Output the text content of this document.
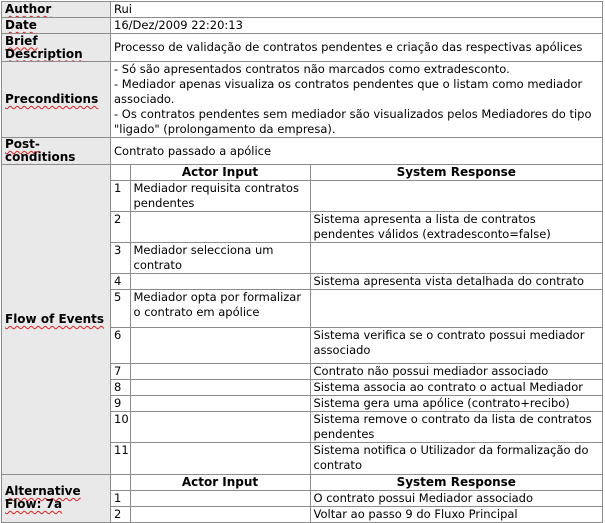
Author	Rui
Date	16/Dez/2009 22:20:13
Brief Description	Processo de validação de contratos pendentes e criação das respectivas apólices
Preconditions	
- Só são apresentados contratos não marcados como extradesconto.
- Mediador apenas visualiza os contratos pendentes que o listam como mediador associado.
- Os contratos pendentes sem mediador são visualizados pelos Mediadores do tipo "ligado" (prolongamento da empresa).

Post-conditions	Contrato passado a apólice
Flow of Events	
	Actor Input	System Response
1	Mediador requisita contratos pendentes	
2		Sistema apresenta a lista de contratos pendentes válidos (extradesconto=false)
3	Mediador selecciona um contrato	
4		Sistema apresenta vista detalhada do contrato
5	Mediador opta por formalizar o contrato em apólice	
6		Sistema verifica se o contrato possui mediador associado
7		Contrato não possui mediador associado
8		Sistema associa ao contrato o actual Mediador
9		Sistema gera uma apólice (contrato+recibo)
10		Sistema remove o contrato da lista de contratos pendentes
11		Sistema notifica o Utilizador da formalização do contrato

Alternative Flow: 7a	
	Actor Input	System Response
1		O contrato possui Mediador associado
2		Voltar ao passo 9 do Fluxo Principal
